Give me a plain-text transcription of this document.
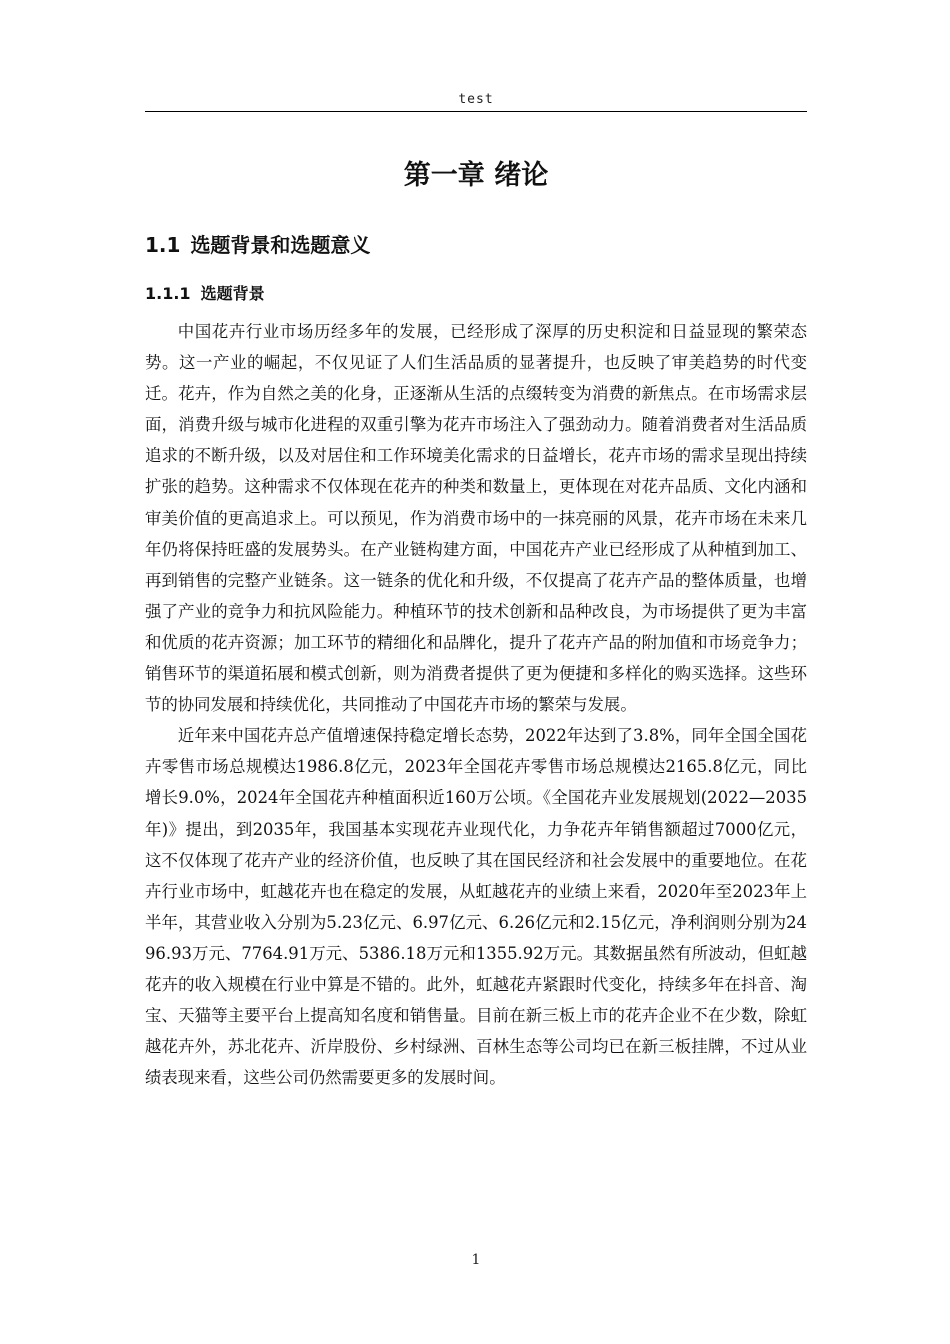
test
第一章 绪论
1.1 选题背景和选题意义
1.1.1 选题背景

中国花卉行业市场历经多年的发展，已经形成了深厚的历史积淀和日益显现的繁荣态势。这一产业的崛起，不仅见证了人们生活品质的显著提升，也反映了审美趋势的时代变迁。花卉，作为自然之美的化身，正逐渐从生活的点缀转变为消费的新焦点。在市场需求层面，消费升级与城市化进程的双重引擎为花卉市场注入了强劲动力。随着消费者对生活品质追求的不断升级，以及对居住和工作环境美化需求的日益增长，花卉市场的需求呈现出持续扩张的趋势。这种需求不仅体现在花卉的种类和数量上，更体现在对花卉品质、文化内涵和审美价值的更高追求上。可以预见，作为消费市场中的一抹亮丽的风景，花卉市场在未来几年仍将保持旺盛的发展势头。在产业链构建方面，中国花卉产业已经形成了从种植到加工、再到销售的完整产业链条。这一链条的优化和升级，不仅提高了花卉产品的整体质量，也增强了产业的竞争力和抗风险能力。种植环节的技术创新和品种改良，为市场提供了更为丰富和优质的花卉资源；加工环节的精细化和品牌化，提升了花卉产品的附加值和市场竞争力；销售环节的渠道拓展和模式创新，则为消费者提供了更为便捷和多样化的购买选择。这些环节的协同发展和持续优化，共同推动了中国花卉市场的繁荣与发展。

近年来中国花卉总产值增速保持稳定增长态势，2022年达到了3.8%，同年全国全国花卉零售市场总规模达1986.8亿元，2023年全国花卉零售市场总规模达2165.8亿元，同比增长9.0%，2024年全国花卉种植面积近160万公顷。《全国花卉业发展规划(2022—2035年)》提出，到2035年，我国基本实现花卉业现代化，力争花卉年销售额超过7000亿元，这不仅体现了花卉产业的经济价值，也反映了其在国民经济和社会发展中的重要地位。在花卉行业市场中，虹越花卉也在稳定的发展，从虹越花卉的业绩上来看，2020年至2023年上半年，其营业收入分别为5.23亿元、6.97亿元、6.26亿元和2.15亿元，净利润则分别为2496.93万元、7764.91万元、5386.18万元和1355.92万元。其数据虽然有所波动，但虹越花卉的收入规模在行业中算是不错的。此外，虹越花卉紧跟时代变化，持续多年在抖音、淘宝、天猫等主要平台上提高知名度和销售量。目前在新三板上市的花卉企业不在少数，除虹越花卉外，苏北花卉、沂岸股份、乡村绿洲、百林生态等公司均已在新三板挂牌，不过从业绩表现来看，这些公司仍然需要更多的发展时间。

1
